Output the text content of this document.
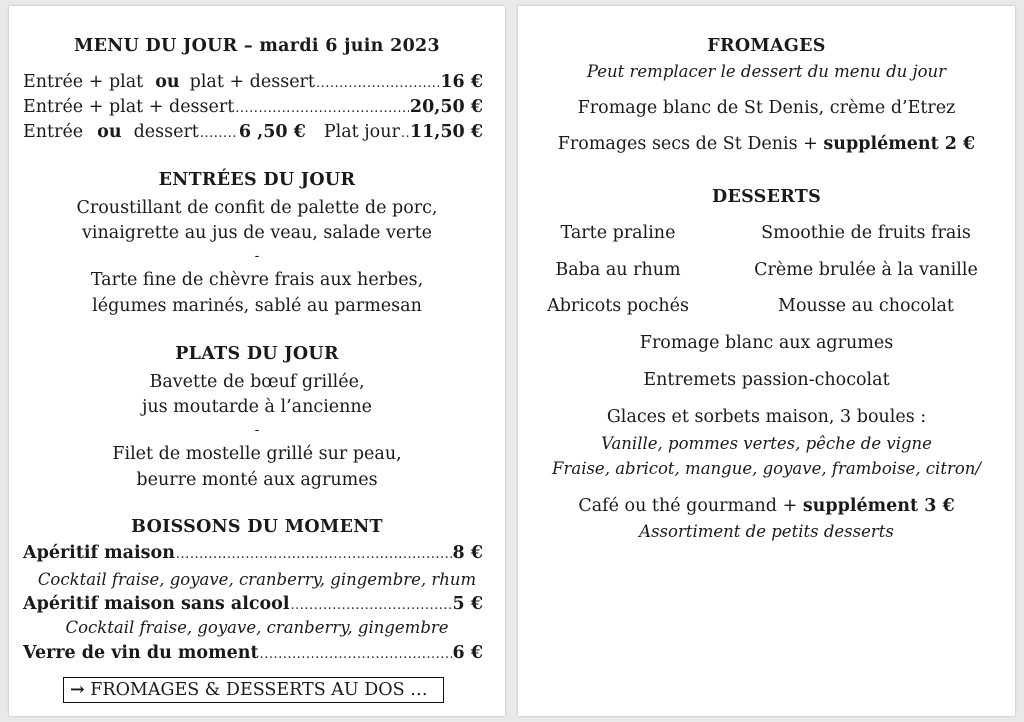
MENU DU JOUR – mardi 6 juin 2023
Entrée + plat ou plat + dessert .....	16 €
Entrée + plat + dessert .....	20,50 €
Entrée ou dessert ..... 6 ,50 € Plat jour ..... 11,50 €
ENTRÉES DU JOUR
Croustillant de confit de palette de porc,
vinaigrette au jus de veau, salade verte
-
Tarte fine de chèvre frais aux herbes,
légumes marinés, sablé au parmesan
PLATS DU JOUR
Bavette de bœuf grillée,
jus moutarde à l’ancienne
-
Filet de mostelle grillé sur peau,
beurre monté aux agrumes
BOISSONS DU MOMENT
Apéritif maison .....	8 €
Cocktail fraise, goyave, cranberry, gingembre, rhum
Apéritif maison sans alcool .....	5 €
Cocktail fraise, goyave, cranberry, gingembre
Verre de vin du moment .....	6 €
→ FROMAGES & DESSERTS AU DOS …
FROMAGES
Peut remplacer le dessert du menu du jour
Fromage blanc de St Denis, crème d’Etrez
Fromages secs de St Denis + supplément 2 €
DESSERTS
Tarte praline	Smoothie de fruits frais
Baba au rhum	Crème brulée à la vanille
Abricots pochés	Mousse au chocolat
Fromage blanc aux agrumes
Entremets passion-chocolat
Glaces et sorbets maison, 3 boules :
Vanille, pommes vertes, pêche de vigne
Fraise, abricot, mangue, goyave, framboise, citron/
Café ou thé gourmand + supplément 3 €
Assortiment de petits desserts
